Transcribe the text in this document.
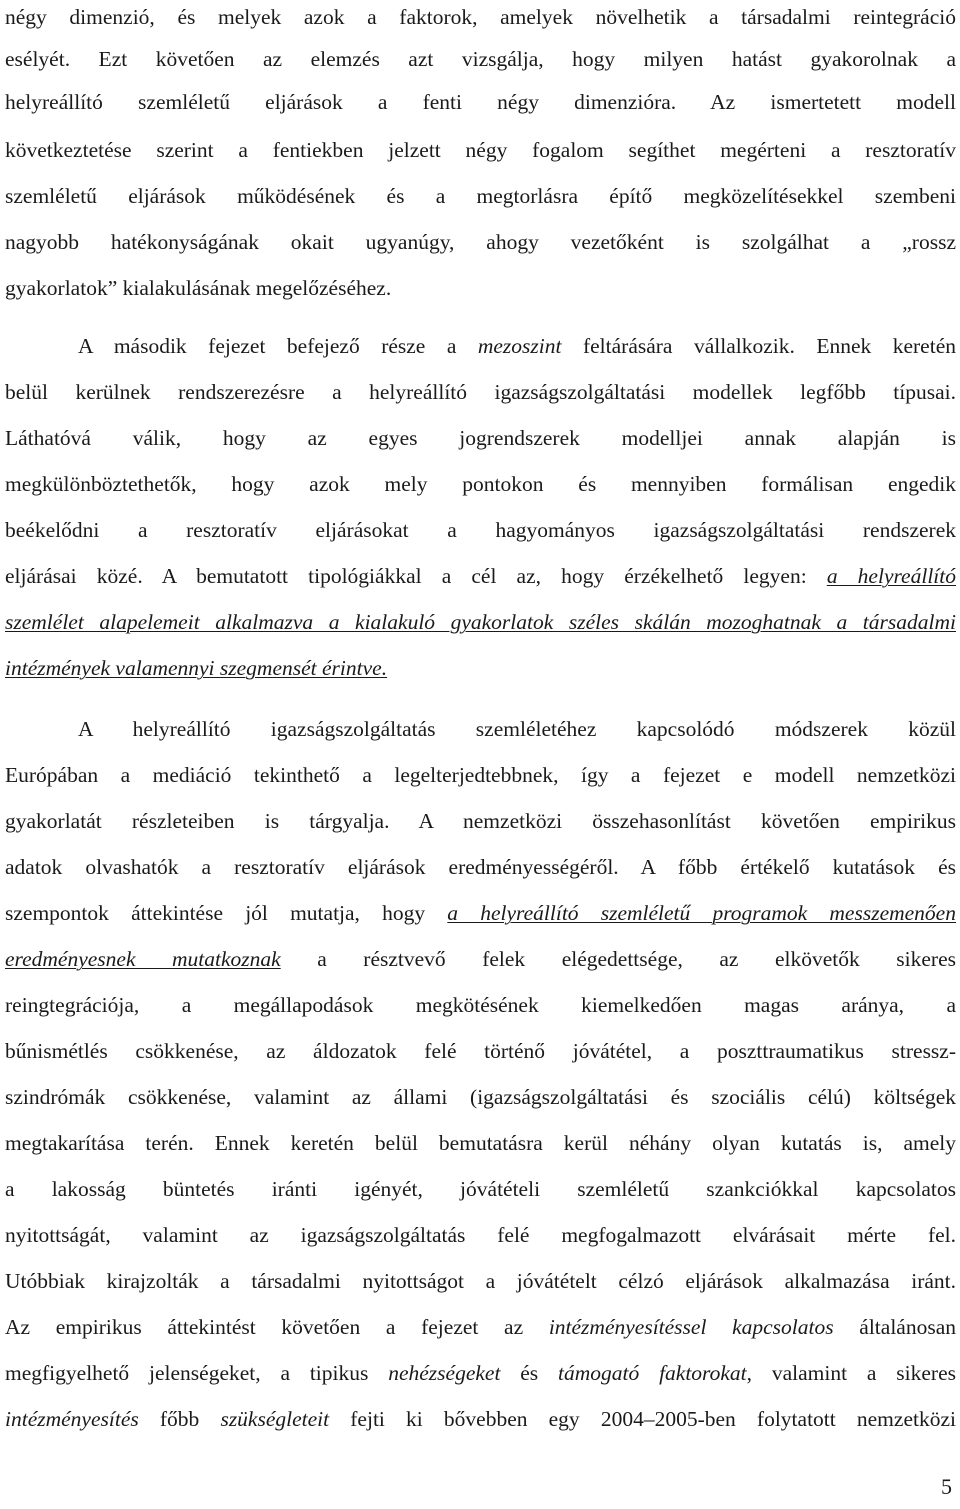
négy dimenzió, és melyek azok a faktorok, amelyek növelhetik a társadalmi reintegráció
esélyét. Ezt követően az elemzés azt vizsgálja, hogy milyen hatást gyakorolnak a
helyreállító szemléletű eljárások a fenti négy dimenzióra. Az ismertetett modell
következtetése szerint a fentiekben jelzett négy fogalom segíthet megérteni a resztoratív
szemléletű eljárások működésének és a megtorlásra építő megközelítésekkel szembeni
nagyobb hatékonyságának okait ugyanúgy, ahogy vezetőként is szolgálhat a „rossz
gyakorlatok” kialakulásának megelőzéséhez.
A második fejezet befejező része a mezoszint feltárására vállalkozik. Ennek keretén
belül kerülnek rendszerezésre a helyreállító igazságszolgáltatási modellek legfőbb típusai.
Láthatóvá válik, hogy az egyes jogrendszerek modelljei annak alapján is
megkülönböztethetők, hogy azok mely pontokon és mennyiben formálisan engedik
beékelődni a resztoratív eljárásokat a hagyományos igazságszolgáltatási rendszerek
eljárásai közé. A bemutatott tipológiákkal a cél az, hogy érzékelhető legyen: a helyreállító
szemlélet alapelemeit alkalmazva a kialakuló gyakorlatok széles skálán mozoghatnak a társadalmi
intézmények valamennyi szegmensét érintve.
A helyreállító igazságszolgáltatás szemléletéhez kapcsolódó módszerek közül
Európában a mediáció tekinthető a legelterjedtebbnek, így a fejezet e modell nemzetközi
gyakorlatát részleteiben is tárgyalja. A nemzetközi összehasonlítást követően empirikus
adatok olvashatók a resztoratív eljárások eredményességéről. A főbb értékelő kutatások és
szempontok áttekintése jól mutatja, hogy a helyreállító szemléletű programok messzemenően
eredményesnek mutatkoznak a résztvevő felek elégedettsége, az elkövetők sikeres
reingtegrációja, a megállapodások megkötésének kiemelkedően magas aránya, a
bűnismétlés csökkenése, az áldozatok felé történő jóvátétel, a poszttraumatikus stressz-
szindrómák csökkenése, valamint az állami (igazságszolgáltatási és szociális célú) költségek
megtakarítása terén. Ennek keretén belül bemutatásra kerül néhány olyan kutatás is, amely
a lakosság büntetés iránti igényét, jóvátételi szemléletű szankciókkal kapcsolatos
nyitottságát, valamint az igazságszolgáltatás felé megfogalmazott elvárásait mérte fel.
Utóbbiak kirajzolták a társadalmi nyitottságot a jóvátételt célzó eljárások alkalmazása iránt.
Az empirikus áttekintést követően a fejezet az intézményesítéssel kapcsolatos általánosan
megfigyelhető jelenségeket, a tipikus nehézségeket és támogató faktorokat, valamint a sikeres
intézményesítés főbb szükségleteit fejti ki bővebben egy 2004–2005-ben folytatott nemzetközi
5
